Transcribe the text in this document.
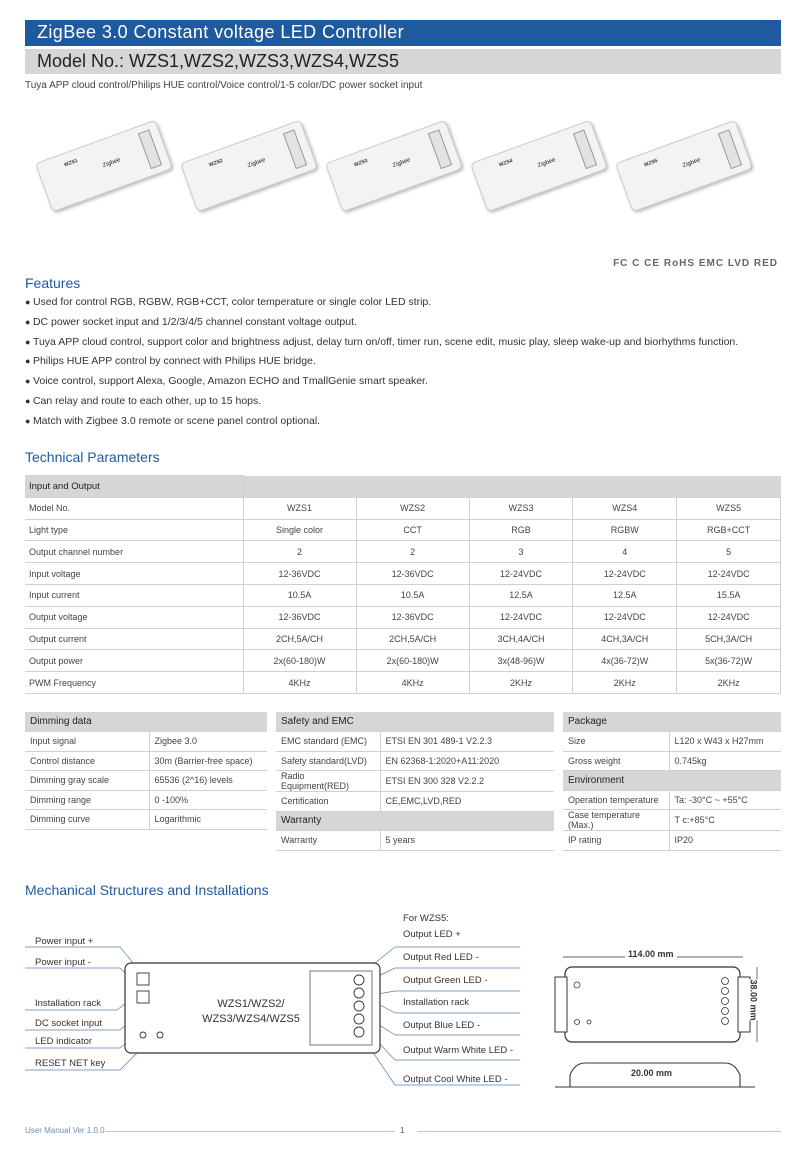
ZigBee 3.0 Constant voltage LED Controller
Model No.: WZS1,WZS2,WZS3,WZS4,WZS5
Tuya APP cloud control/Philips HUE control/Voice control/1-5 color/DC power socket input
WZS1	Zigbee	WZS2	Zigbee	WZS3	Zigbee	WZS4	Zigbee	WZS5	Zigbee
FC C CE RoHS EMC LVD RED
Features
● Used for control RGB, RGBW, RGB+CCT, color temperature or single color LED strip.
● DC power socket input and 1/2/3/4/5 channel constant voltage output.
● Tuya APP cloud control, support color and brightness adjust, delay turn on/off, timer run, scene edit, music play, sleep wake-up and biorhythms function.
● Philips HUE APP control by connect with Philips HUE bridge.
● Voice control, support Alexa, Google, Amazon ECHO and TmallGenie smart speaker.
● Can relay and route to each other, up to 15 hops.
● Match with Zigbee 3.0 remote or scene panel control optional.
Technical Parameters
Input and Output					
Model No.	WZS1	WZS2	WZS3	WZS4	WZS5
Light type	Single color	CCT	RGB	RGBW	RGB+CCT
Output channel number	2	2	3	4	5
Input voltage	12-36VDC	12-36VDC	12-24VDC	12-24VDC	12-24VDC
Input current	10.5A	10.5A	12.5A	12.5A	15.5A
Output voltage	12-36VDC	12-36VDC	12-24VDC	12-24VDC	12-24VDC
Output current	2CH,5A/CH	2CH,5A/CH	3CH,4A/CH	4CH,3A/CH	5CH,3A/CH
Output power	2x(60-180)W	2x(60-180)W	3x(48-96)W	4x(36-72)W	5x(36-72)W
PWM Frequency	4KHz	4KHz	2KHz	2KHz	2KHz
Dimming data	
Input signal	Zigbee 3.0
Control distance	30m (Barrier-free space)
Dimming gray scale	65536 (2^16) levels
Dimming range	0 -100%
Dimming curve	Logarithmic
Safety and EMC	
EMC standard (EMC)	ETSI EN 301 489-1 V2.2.3
Safety standard(LVD)	EN 62368-1:2020+A11:2020
Radio Equipment(RED)	ETSI EN 300 328 V2.2.2
Certification	CE,EMC,LVD,RED
Warranty	
Warranty	5 years
Package	
Size	L120 x W43 x H27mm
Gross weight	0.745kg
Environment	
Operation temperature	Ta: -30°C ~ +55°C
Case temperature (Max.)	T c:+85°C
IP rating	IP20
Mechanical Structures and Installations
Power input +
Power input -
Installation rack
DC socket input
LED indicator
RESET NET key
For WZS5:
Output LED +
Output Red LED -
Output Green LED -
Installation rack
Output Blue LED -
Output Warm White LED -
Output Cool White LED -
WZS1/WZS2/
WZS3/WZS4/WZS5
114.00 mm
38.00 mm
20.00 mm
User Manual Ver 1.0.0	1
